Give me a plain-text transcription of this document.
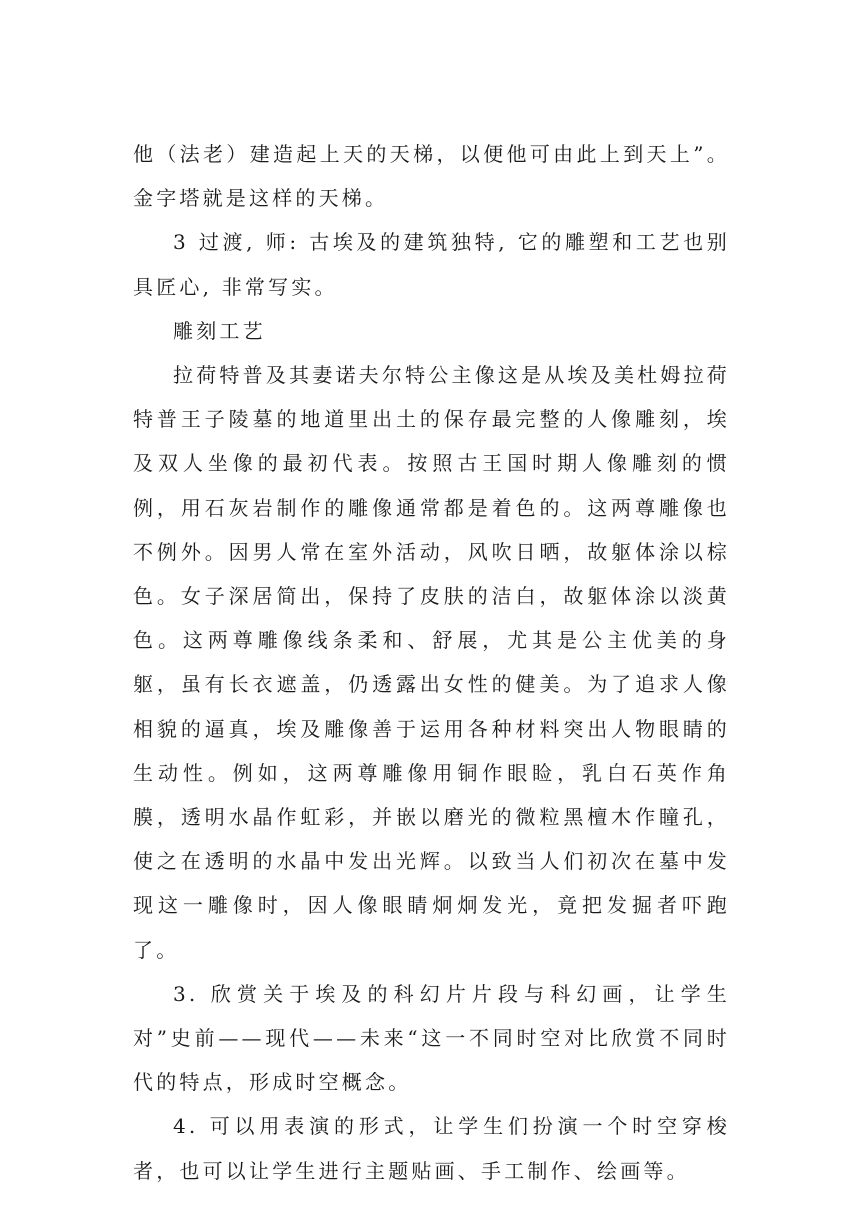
他（法老）建造起上天的天梯，以便他可由此上到天上”。金字塔就是这样的天梯。

3 过渡, 师: 古埃及的建筑独特, 它的雕塑和工艺也别具匠心, 非常写实。

雕刻工艺

拉荷特普及其妻诺夫尔特公主像这是从埃及美杜姆拉荷特普王子陵墓的地道里出土的保存最完整的人像雕刻，埃及双人坐像的最初代表。按照古王国时期人像雕刻的惯例，用石灰岩制作的雕像通常都是着色的。这两尊雕像也不例外。因男人常在室外活动，风吹日晒，故躯体涂以棕色。女子深居简出，保持了皮肤的洁白，故躯体涂以淡黄色。这两尊雕像线条柔和、舒展，尤其是公主优美的身躯，虽有长衣遮盖，仍透露出女性的健美。为了追求人像相貌的逼真，埃及雕像善于运用各种材料突出人物眼睛的生动性。例如，这两尊雕像用铜作眼睑，乳白石英作角膜，透明水晶作虹彩，并嵌以磨光的微粒黑檀木作瞳孔，使之在透明的水晶中发出光辉。以致当人们初次在墓中发现这一雕像时，因人像眼睛炯炯发光，竟把发掘者吓跑了。

3. 欣赏关于埃及的科幻片片段与科幻画，让学生对”史前——现代——未来“这一不同时空对比欣赏不同时代的特点，形成时空概念。

4. 可以用表演的形式，让学生们扮演一个时空穿梭者，也可以让学生进行主题贴画、手工制作、绘画等。
